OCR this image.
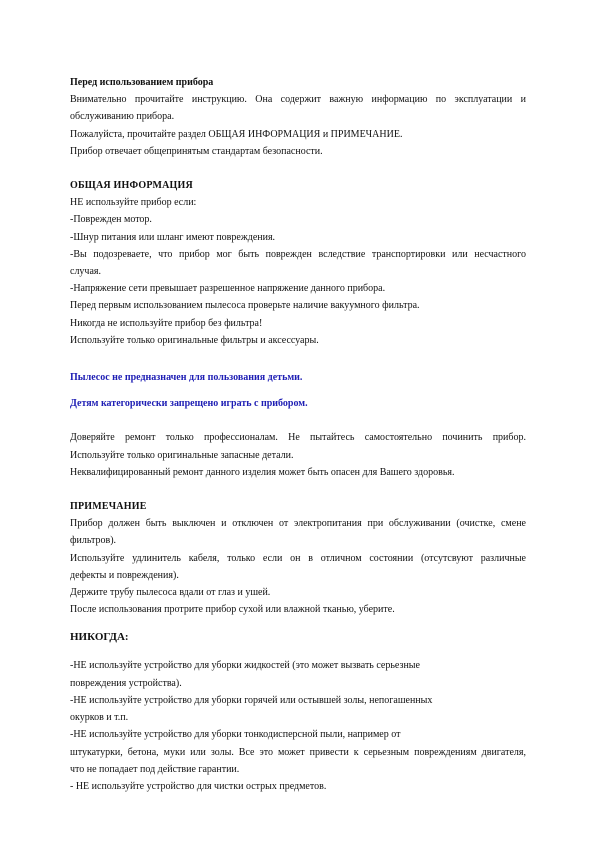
Перед использованием прибора

Внимательно прочитайте инструкцию. Она содержит важную информацию по эксплуатации и

обслуживанию прибора.

Пожалуйста, прочитайте раздел ОБЩАЯ ИНФОРМАЦИЯ и ПРИМЕЧАНИЕ.

Прибор отвечает общепринятым стандартам безопасности.

ОБЩАЯ ИНФОРМАЦИЯ

НЕ используйте прибор если:

-Поврежден мотор.

-Шнур питания или шланг имеют повреждения.

-Вы подозреваете, что прибор мог быть поврежден вследствие транспортировки или несчастного

случая.

-Напряжение сети превышает разрешенное напряжение данного прибора.

Перед первым использованием пылесоса проверьте наличие вакуумного фильтра.

Никогда не используйте прибор без фильтра!

Используйте только оригинальные фильтры и аксессуары.

Пылесос не предназначен для пользования детьми.

Детям категорически запрещено играть с прибором.

Доверяйте ремонт только профессионалам. Не пытайтесь самостоятельно починить прибор.

Используйте только оригинальные запасные детали.

Неквалифицированный ремонт данного изделия может быть опасен для Вашего здоровья.

ПРИМЕЧАНИЕ

Прибор должен быть выключен и отключен от электропитания при обслуживании (очистке, смене

фильтров).

Используйте удлинитель кабеля, только если он в отличном состоянии (отсутсвуют различные

дефекты и повреждения).

Держите трубу пылесоса вдали от глаз и ушей.

После использования протрите прибор сухой или влажной тканью, уберите.

НИКОГДА:

-НЕ используйте устройство для уборки жидкостей (это может вызвать серьезные

повреждения устройства).

-НЕ используйте устройство для уборки горячей или остывшей золы, непогашенных

окурков и т.п.

-НЕ используйте устройство для уборки тонкодисперсной пыли, например от

штукатурки, бетона, муки или золы. Все это может привести к серьезным повреждениям двигателя,

что не попадает под действие гарантии.

- НЕ используйте устройство для чистки острых предметов.
